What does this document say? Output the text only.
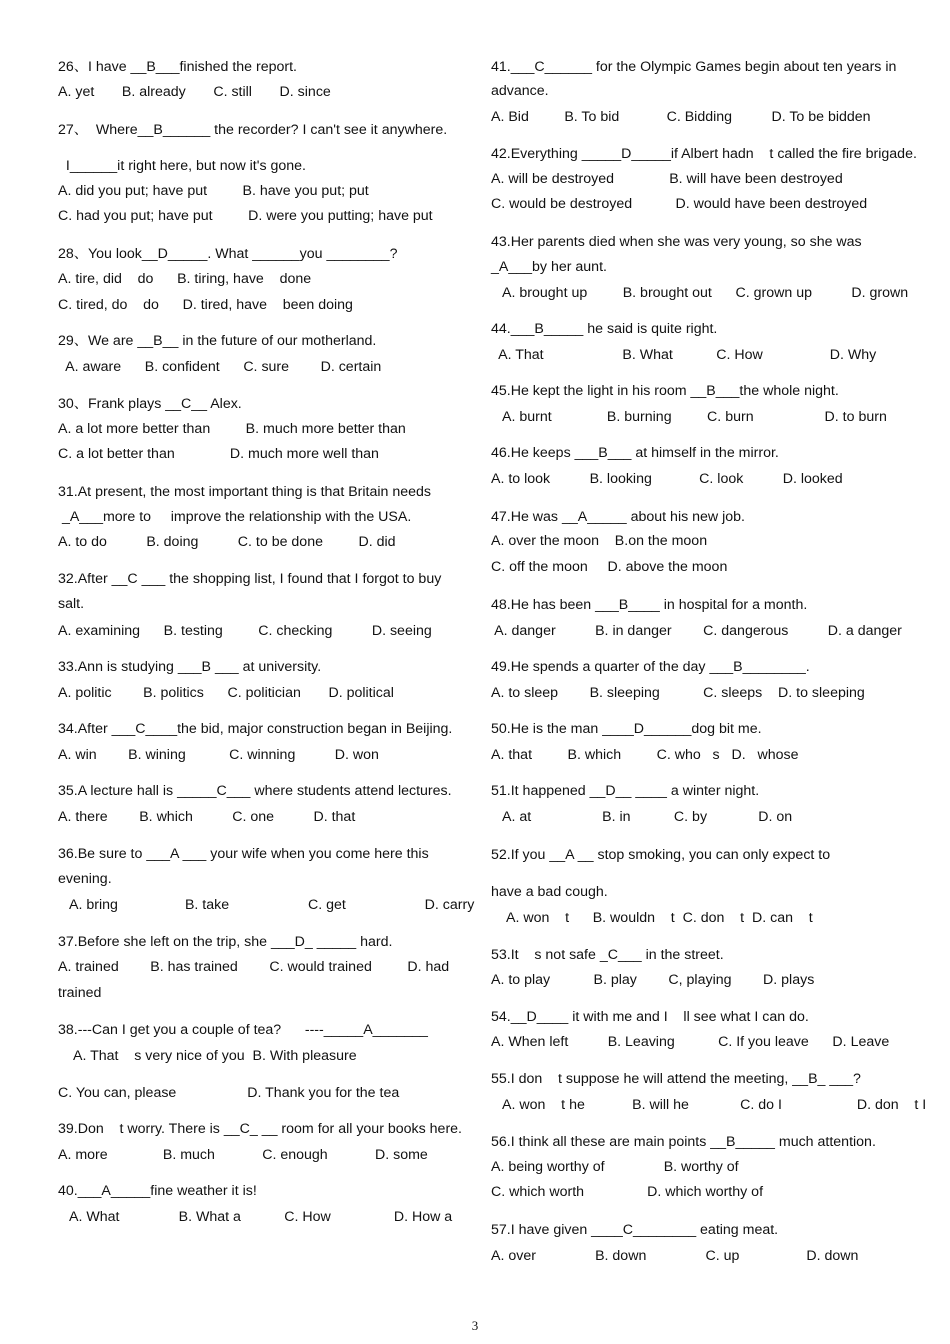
26、I have __B___finished the report.
A. yet       B. already       C. still       D. since
27、  Where__B______ the recorder? I can't see it anywhere.
I______it right here, but now it's gone.
A. did you put; have put         B. have you put; put
C. had you put; have put         D. were you putting; have put
28、You look__D_____. What ______you ________?
A. tire, did    do      B. tiring, have    done
C. tired, do    do      D. tired, have    been doing
29、We are __B__ in the future of our motherland.
A. aware      B. confident      C. sure        D. certain
30、Frank plays __C__ Alex.
A. a lot more better than         B. much more better than
C. a lot better than              D. much more well than
31.At present, the most important thing is that Britain needs
_A___more to     improve the relationship with the USA.
A. to do          B. doing          C. to be done         D. did
32.After __C ___ the shopping list, I found that I forgot to buy
salt.
A. examining      B. testing         C. checking          D. seeing
33.Ann is studying ___B ___ at university.
A. politic        B. politics      C. politician       D. political
34.After ___C____the bid, major construction began in Beijing.
A. win        B. wining           C. winning          D. won
35.A lecture hall is _____C___ where students attend lectures.
A. there        B. which          C. one          D. that
36.Be sure to ___A ___ your wife when you come here this
evening.
A. bring                 B. take                    C. get                    D. carry
37.Before she left on the trip, she ___D_ _____ hard.
A. trained        B. has trained        C. would trained         D. had
trained
38.---Can I get you a couple of tea?      ----_____A_______
A. That    s very nice of you  B. With pleasure
C. You can, please                  D. Thank you for the tea
39.Don    t worry. There is __C_ __ room for all your books here.
A. more              B. much            C. enough            D. some
40.___A_____fine weather it is!
A. What               B. What a           C. How                D. How a
41.___C______ for the Olympic Games begin about ten years in
advance.
A. Bid         B. To bid            C. Bidding          D. To be bidden
42.Everything _____D_____if Albert hadn    t called the fire brigade.
A. will be destroyed              B. will have been destroyed
C. would be destroyed           D. would have been destroyed
43.Her parents died when she was very young, so she was
_A___by her aunt.
A. brought up         B. brought out      C. grown up          D. grown
44.___B_____ he said is quite right.
A. That                    B. What           C. How                 D. Why
45.He kept the light in his room __B___the whole night.
A. burnt              B. burning         C. burn                  D. to burn
46.He keeps ___B___ at himself in the mirror.
A. to look          B. looking            C. look          D. looked
47.He was __A_____ about his new job.
A. over the moon    B.on the moon
C. off the moon     D. above the moon
48.He has been ___B____ in hospital for a month.
A. danger          B. in danger        C. dangerous          D. a danger
49.He spends a quarter of the day ___B________.
A. to sleep        B. sleeping           C. sleeps    D. to sleeping
50.He is the man ____D______dog bit me.
A. that         B. which         C. who   s   D.   whose
51.It happened __D__ ____ a winter night.
A. at                  B. in           C. by             D. on
52.If you __A __ stop smoking, you can only expect to
have a bad cough.
A. won    t      B. wouldn    t  C. don    t  D. can    t
53.It    s not safe _C___ in the street.
A. to play           B. play        C, playing        D. plays
54.__D____ it with me and I    ll see what I can do.
A. When left          B. Leaving           C. If you leave      D. Leave
55.I don    t suppose he will attend the meeting, __B_ ___?
A. won    t he            B. will he             C. do I                   D. don    t I
56.I think all these are main points __B_____ much attention.
A. being worthy of               B. worthy of
C. which worth                D. which worthy of
57.I have given ____C________ eating meat.
A. over               B. down               C. up                 D. down
3
